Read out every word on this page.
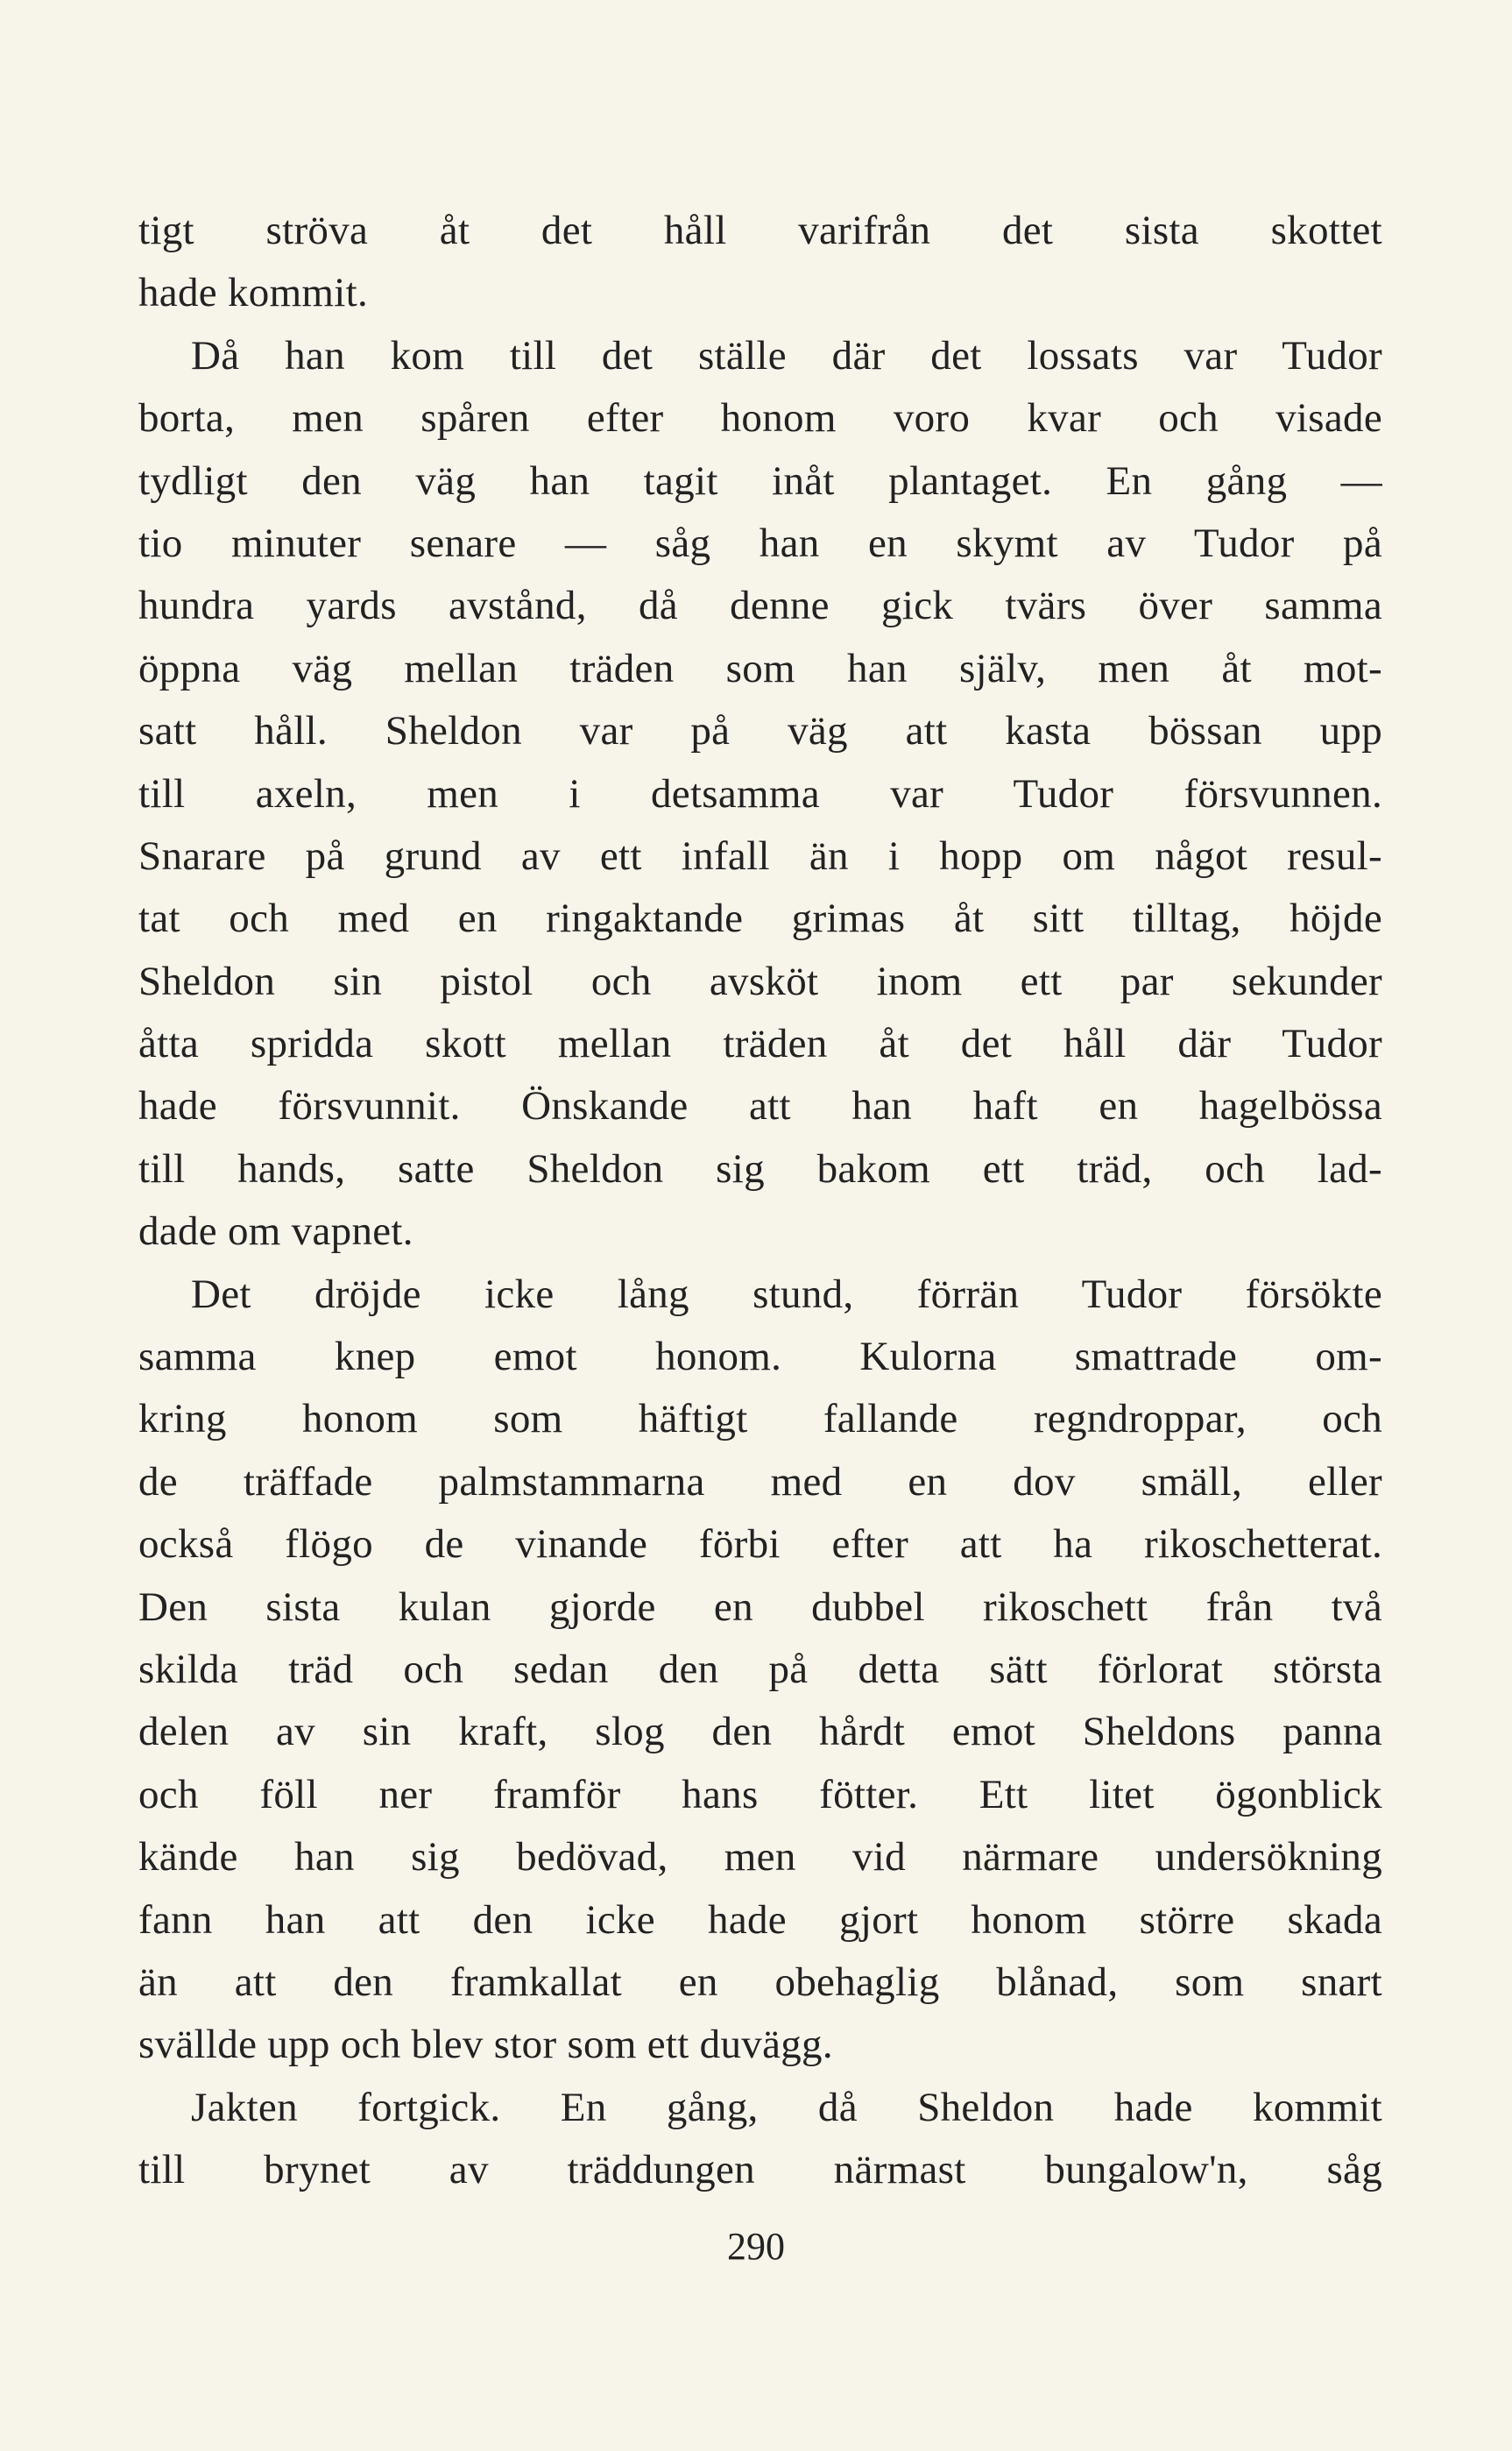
tigt ströva åt det håll varifrån det sista skottet
hade kommit.
Då han kom till det ställe där det lossats var Tudor
borta, men spåren efter honom voro kvar och visade
tydligt den väg han tagit inåt plantaget. En gång —
tio minuter senare — såg han en skymt av Tudor på
hundra yards avstånd, då denne gick tvärs över samma
öppna väg mellan träden som han själv, men åt mot-
satt håll. Sheldon var på väg att kasta bössan upp
till axeln, men i detsamma var Tudor försvunnen.
Snarare på grund av ett infall än i hopp om något resul-
tat och med en ringaktande grimas åt sitt tilltag, höjde
Sheldon sin pistol och avsköt inom ett par sekunder
åtta spridda skott mellan träden åt det håll där Tudor
hade försvunnit. Önskande att han haft en hagelbössa
till hands, satte Sheldon sig bakom ett träd, och lad-
dade om vapnet.
Det dröjde icke lång stund, förrän Tudor försökte
samma knep emot honom. Kulorna smattrade om-
kring honom som häftigt fallande regndroppar, och
de träffade palmstammarna med en dov smäll, eller
också flögo de vinande förbi efter att ha rikoschetterat.
Den sista kulan gjorde en dubbel rikoschett från två
skilda träd och sedan den på detta sätt förlorat största
delen av sin kraft, slog den hårdt emot Sheldons panna
och föll ner framför hans fötter. Ett litet ögonblick
kände han sig bedövad, men vid närmare undersökning
fann han att den icke hade gjort honom större skada
än att den framkallat en obehaglig blånad, som snart
svällde upp och blev stor som ett duvägg.
Jakten fortgick. En gång, då Sheldon hade kommit
till brynet av träddungen närmast bungalow'n, såg
290
